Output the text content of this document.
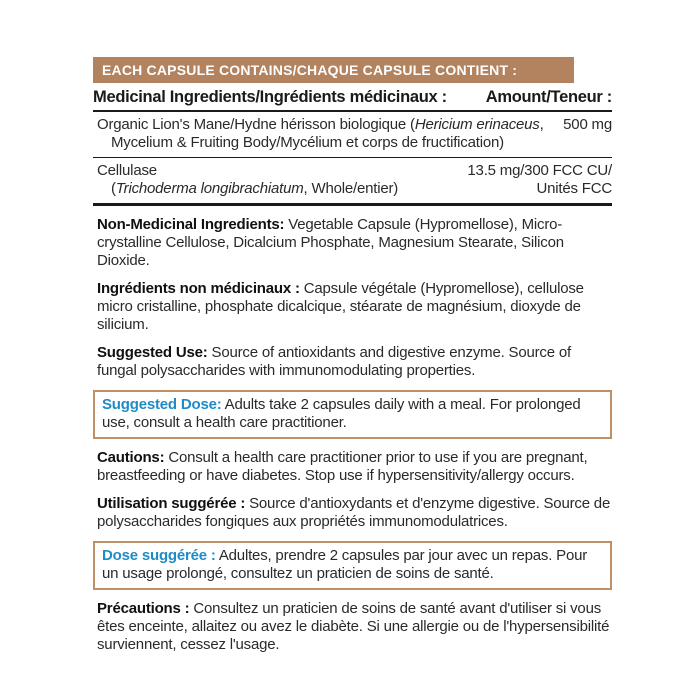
EACH CAPSULE CONTAINS/CHAQUE CAPSULE CONTIENT :
Medicinal Ingredients/Ingrédients médicinaux : Amount/Teneur :
Organic Lion's Mane/Hydne hérisson biologique (Hericium erinaceus,
Mycelium & Fruiting Body/Mycélium et corps de fructification)
500 mg
Cellulase
(Trichoderma longibrachiatum, Whole/entier)
13.5 mg/300 FCC CU/
Unités FCC

Non-Medicinal Ingredients: Vegetable Capsule (Hypromellose), Micro-crystalline Cellulose, Dicalcium Phosphate, Magnesium Stearate, Silicon Dioxide.

Ingrédients non médicinaux : Capsule végétale (Hypromellose), cellulose micro cristalline, phosphate dicalcique, stéarate de magnésium, dioxyde de silicium.

Suggested Use: Source of antioxidants and digestive enzyme. Source of fungal polysaccharides with immunomodulating properties.

Suggested Dose: Adults take 2 capsules daily with a meal. For prolonged use, consult a health care practitioner.

Cautions: Consult a health care practitioner prior to use if you are pregnant, breastfeeding or have diabetes. Stop use if hypersensitivity/allergy occurs.

Utilisation suggérée : Source d'antioxydants et d'enzyme digestive. Source de polysaccharides fongiques aux propriétés immunomodulatrices.

Dose suggérée : Adultes, prendre 2 capsules par jour avec un repas. Pour un usage prolongé, consultez un praticien de soins de santé.

Précautions : Consultez un praticien de soins de santé avant d'utiliser si vous êtes enceinte, allaitez ou avez le diabète. Si une allergie ou de l'hypersensibilité surviennent, cessez l'usage.
